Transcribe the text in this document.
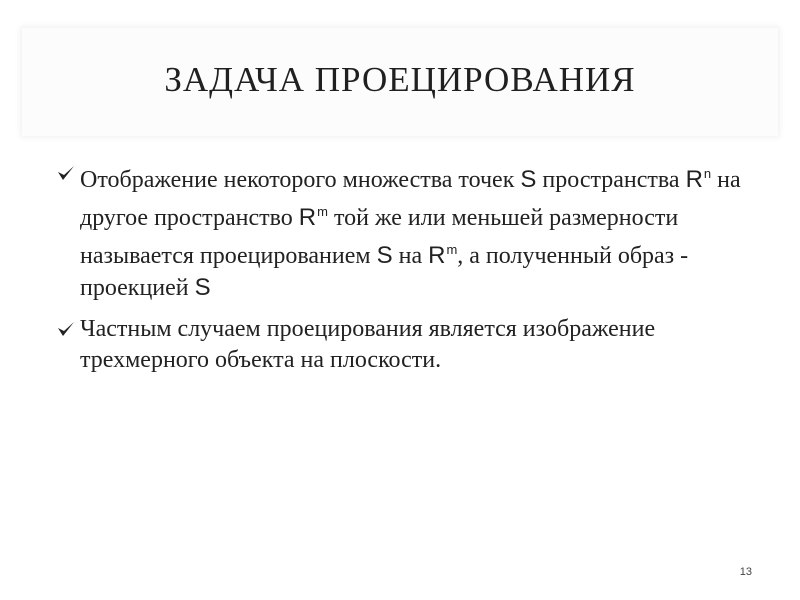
ЗАДАЧА ПРОЕЦИРОВАНИЯ
Отображение некоторого множества точек S пространства $R^n$ на другое пространство $R^m$ той же или меньшей размерности называется проецированием S на $R^m$, а полученный образ - проекцией S
Частным случаем проецирования является изображение трехмерного объекта на плоскости.
13
